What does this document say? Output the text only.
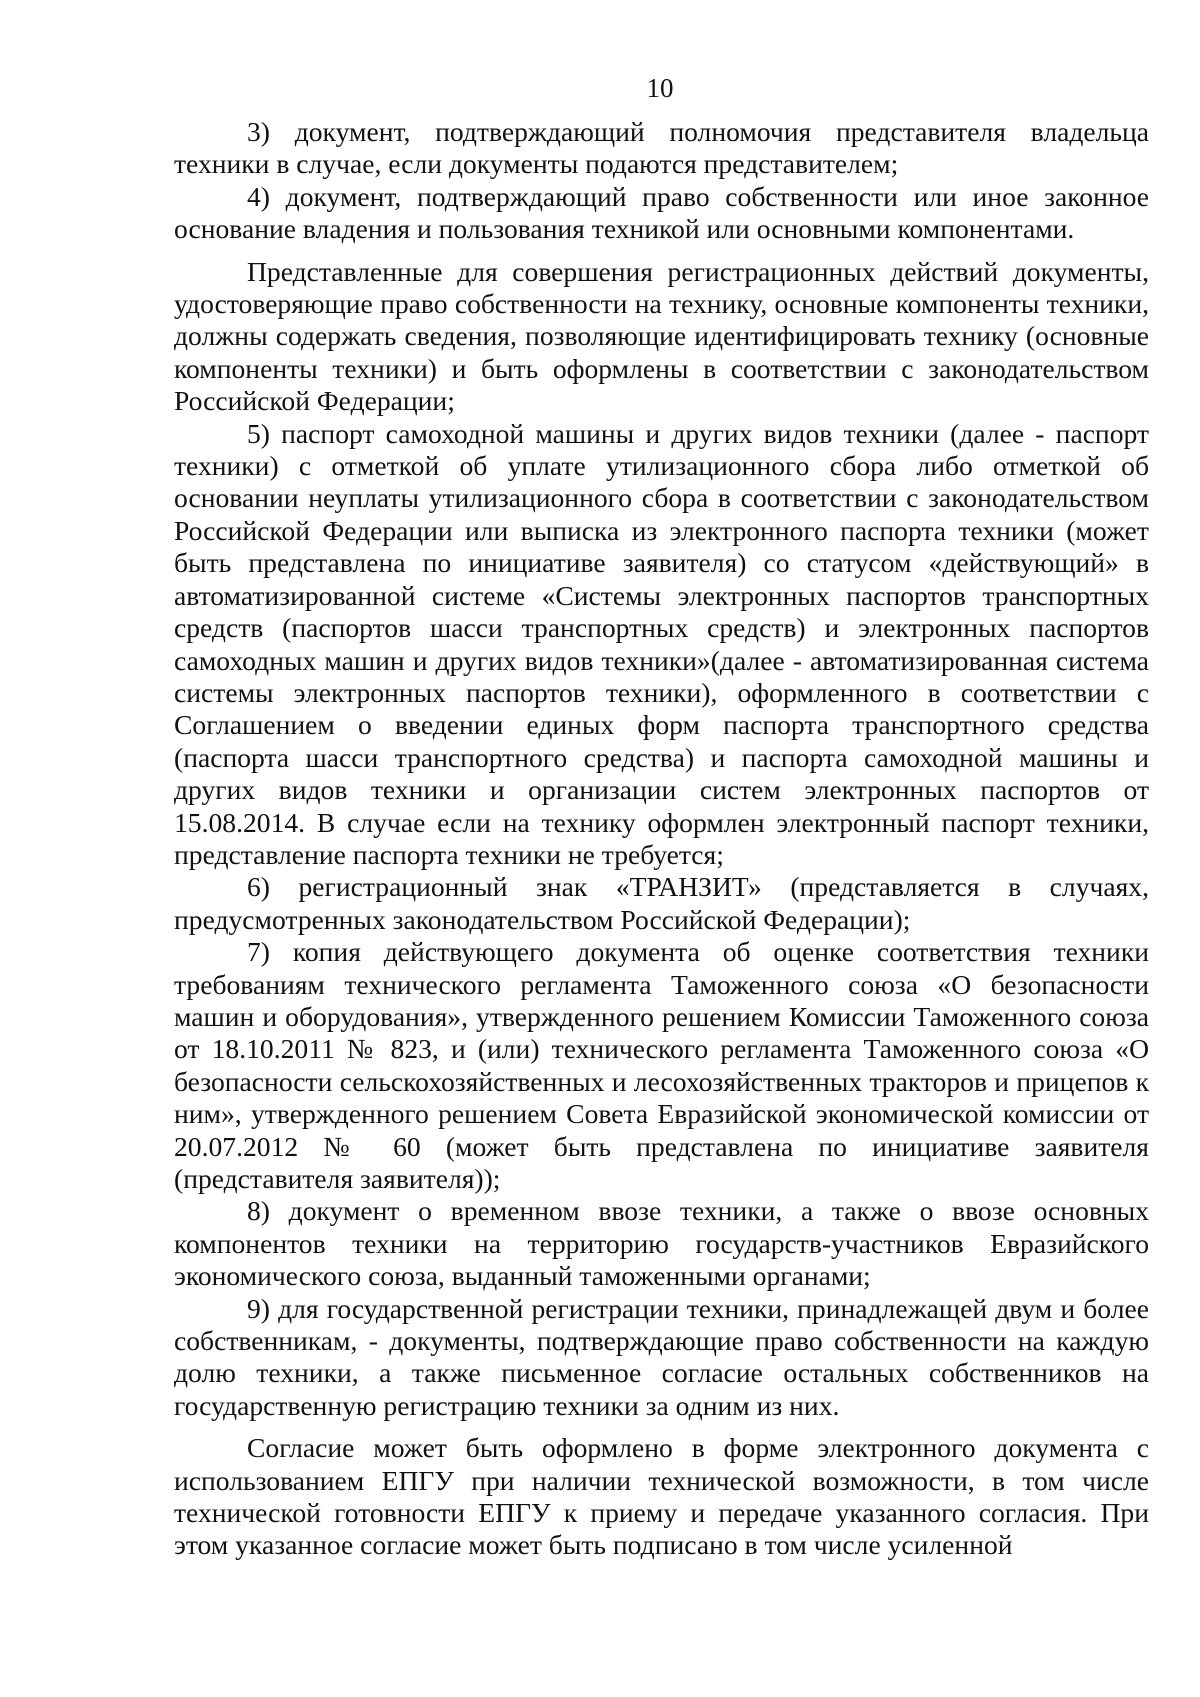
10

3) документ, подтверждающий полномочия представителя владельца техники в случае, если документы подаются представителем;

4) документ, подтверждающий право собственности или иное законное основание владения и пользования техникой или основными компонентами.

Представленные для совершения регистрационных действий документы, удостоверяющие право собственности на технику, основные компоненты техники, должны содержать сведения, позволяющие идентифицировать технику (основные компоненты техники) и быть оформлены в соответствии с законодательством Российской Федерации;

5) паспорт самоходной машины и других видов техники (далее - паспорт техники) с отметкой об уплате утилизационного сбора либо отметкой об основании неуплаты утилизационного сбора в соответствии с законодательством Российской Федерации или выписка из электронного паспорта техники (может быть представлена по инициативе заявителя) со статусом «действующий» в автоматизированной системе «Системы электронных паспортов транспортных средств (паспортов шасси транспортных средств) и электронных паспортов самоходных машин и других видов техники»(далее - автоматизированная система системы электронных паспортов техники), оформленного в соответствии с Соглашением о введении единых форм паспорта транспортного средства (паспорта шасси транспортного средства) и паспорта самоходной машины и других видов техники и организации систем электронных паспортов от 15.08.2014. В случае если на технику оформлен электронный паспорт техники, представление паспорта техники не требуется;

6) регистрационный знак «ТРАНЗИТ» (представляется в случаях, предусмотренных законодательством Российской Федерации);

7) копия действующего документа об оценке соответствия техники требованиям технического регламента Таможенного союза «О безопасности машин и оборудования», утвержденного решением Комиссии Таможенного союза от 18.10.2011 № 823, и (или) технического регламента Таможенного союза «О безопасности сельскохозяйственных и лесохозяйственных тракторов и прицепов к ним», утвержденного решением Совета Евразийской экономической комиссии от 20.07.2012 № 60 (может быть представлена по инициативе заявителя (представителя заявителя));

8) документ о временном ввозе техники, а также о ввозе основных компонентов техники на территорию государств-участников Евразийского экономического союза, выданный таможенными органами;

9) для государственной регистрации техники, принадлежащей двум и более собственникам, - документы, подтверждающие право собственности на каждую долю техники, а также письменное согласие остальных собственников на государственную регистрацию техники за одним из них.

Согласие может быть оформлено в форме электронного документа с использованием ЕПГУ при наличии технической возможности, в том числе технической готовности ЕПГУ к приему и передаче указанного согласия. При этом указанное согласие может быть подписано в том числе усиленной
